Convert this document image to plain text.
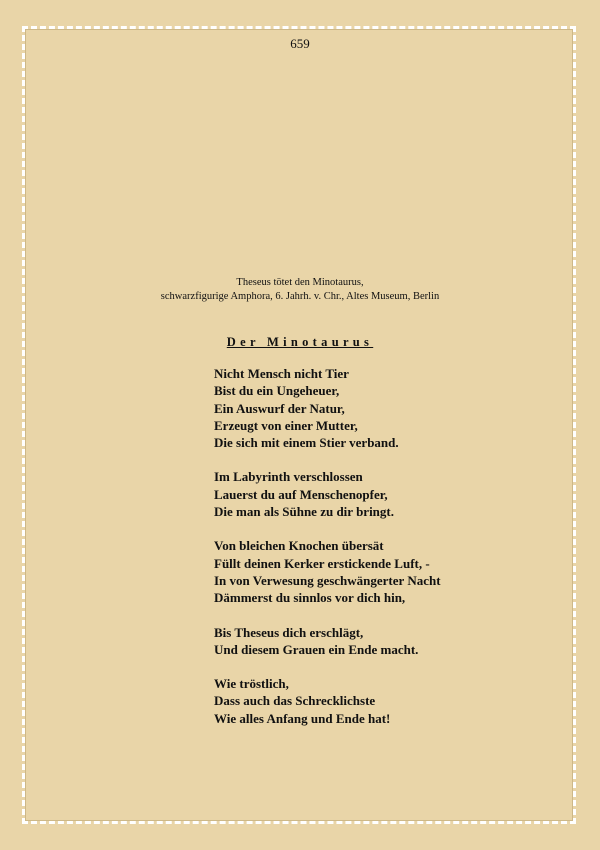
659
Theseus tötet den Minotaurus,
schwarzfigurige Amphora, 6. Jahrh. v. Chr., Altes Museum, Berlin
Der Minotaurus
Nicht Mensch nicht Tier
Bist du ein Ungeheuer,
Ein Auswurf der Natur,
Erzeugt von einer Mutter,
Die sich mit einem Stier verband.
Im Labyrinth verschlossen
Lauerst du auf Menschenopfer,
Die man als Sühne zu dir bringt.
Von bleichen Knochen übersät
Füllt deinen Kerker erstickende Luft, -
In von Verwesung geschwängerter Nacht
Dämmerst du sinnlos vor dich hin,
Bis Theseus dich erschlägt,
Und diesem Grauen ein Ende macht.
Wie tröstlich,
Dass auch das Schrecklichste
Wie alles Anfang und Ende hat!
